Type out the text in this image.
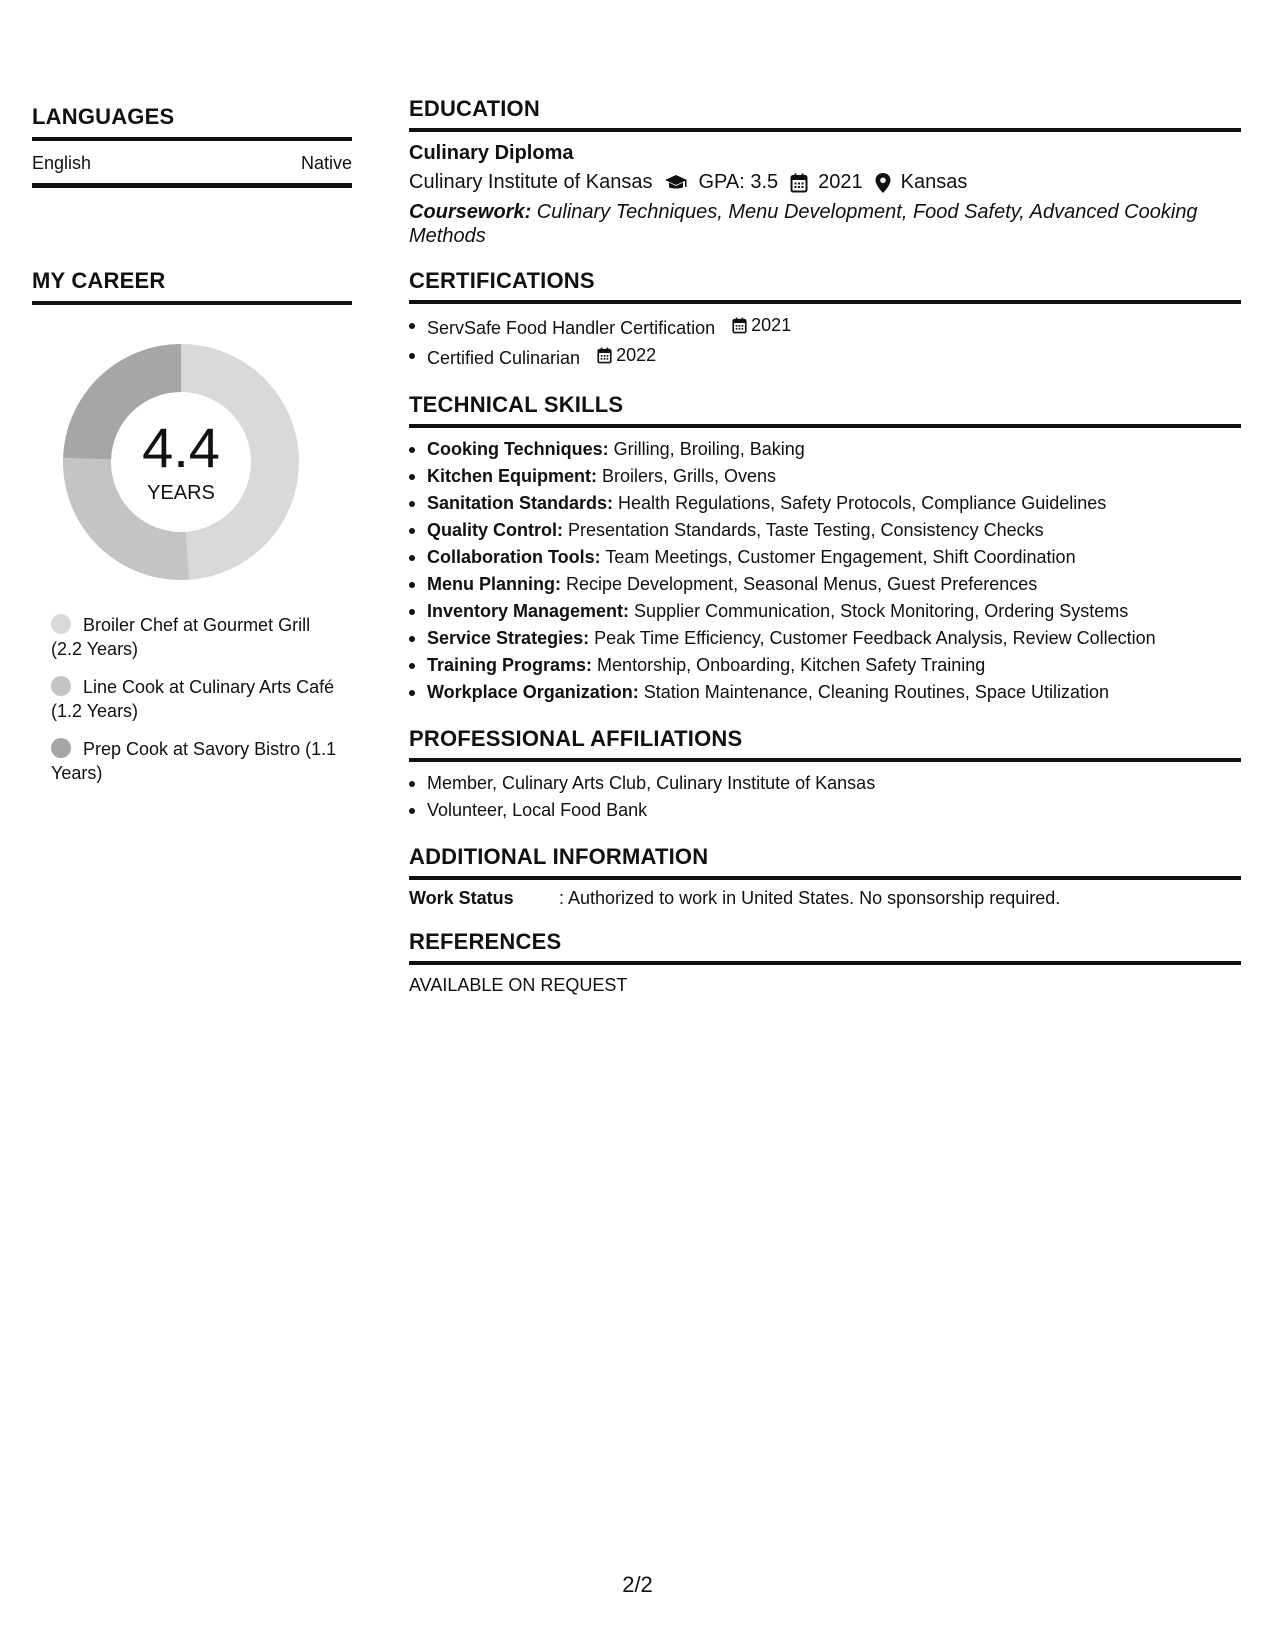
LANGUAGES
English	Native
MY CAREER
4.4
YEARS
Broiler Chef at Gourmet Grill (2.2 Years)
Line Cook at Culinary Arts Café (1.2 Years)
Prep Cook at Savory Bistro (1.1 Years)
EDUCATION
Culinary Diploma
Culinary Institute of Kansas GPA: 3.5 2021 Kansas
Coursework: Culinary Techniques, Menu Development, Food Safety, Advanced Cooking Methods
CERTIFICATIONS
ServSafe Food Handler Certification 2021
Certified Culinarian 2022
TECHNICAL SKILLS
Cooking Techniques: Grilling, Broiling, Baking
Kitchen Equipment: Broilers, Grills, Ovens
Sanitation Standards: Health Regulations, Safety Protocols, Compliance Guidelines
Quality Control: Presentation Standards, Taste Testing, Consistency Checks
Collaboration Tools: Team Meetings, Customer Engagement, Shift Coordination
Menu Planning: Recipe Development, Seasonal Menus, Guest Preferences
Inventory Management: Supplier Communication, Stock Monitoring, Ordering Systems
Service Strategies: Peak Time Efficiency, Customer Feedback Analysis, Review Collection
Training Programs: Mentorship, Onboarding, Kitchen Safety Training
Workplace Organization: Station Maintenance, Cleaning Routines, Space Utilization
PROFESSIONAL AFFILIATIONS
Member, Culinary Arts Club, Culinary Institute of Kansas
Volunteer, Local Food Bank
ADDITIONAL INFORMATION
Work Status	: Authorized to work in United States. No sponsorship required.
REFERENCES
AVAILABLE ON REQUEST
2/2
